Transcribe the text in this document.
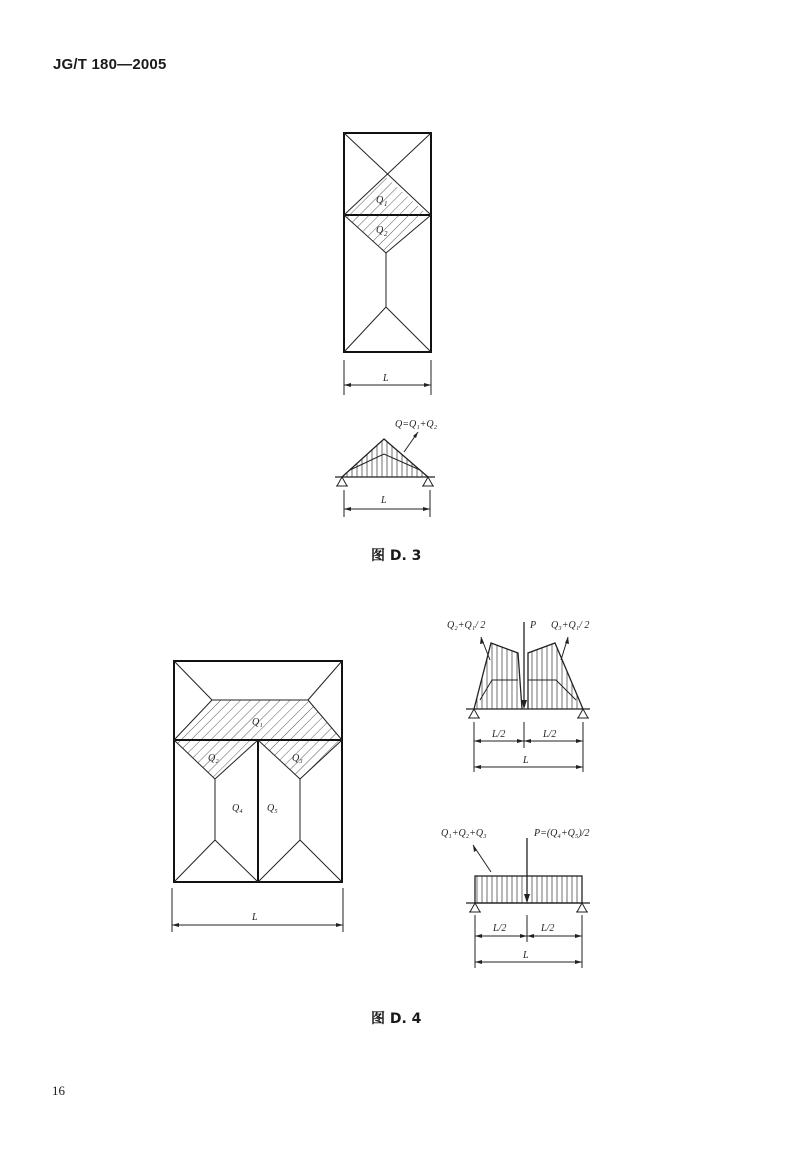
JG/T 180—2005
Q 1
Q 2
L
Q=Q₁+Q₂
L
Q₁
Q₂	Q₃
Q₄ Q₅
L
Q₂+Q₁/ 2	P Q₃+Q₁/ 2
L/2	L/2
L
Q₁+Q₂+Q₃	P=(Q₄+Q₅)/2
L/2	L/2
L
图 D. 3
图 D. 4
16
